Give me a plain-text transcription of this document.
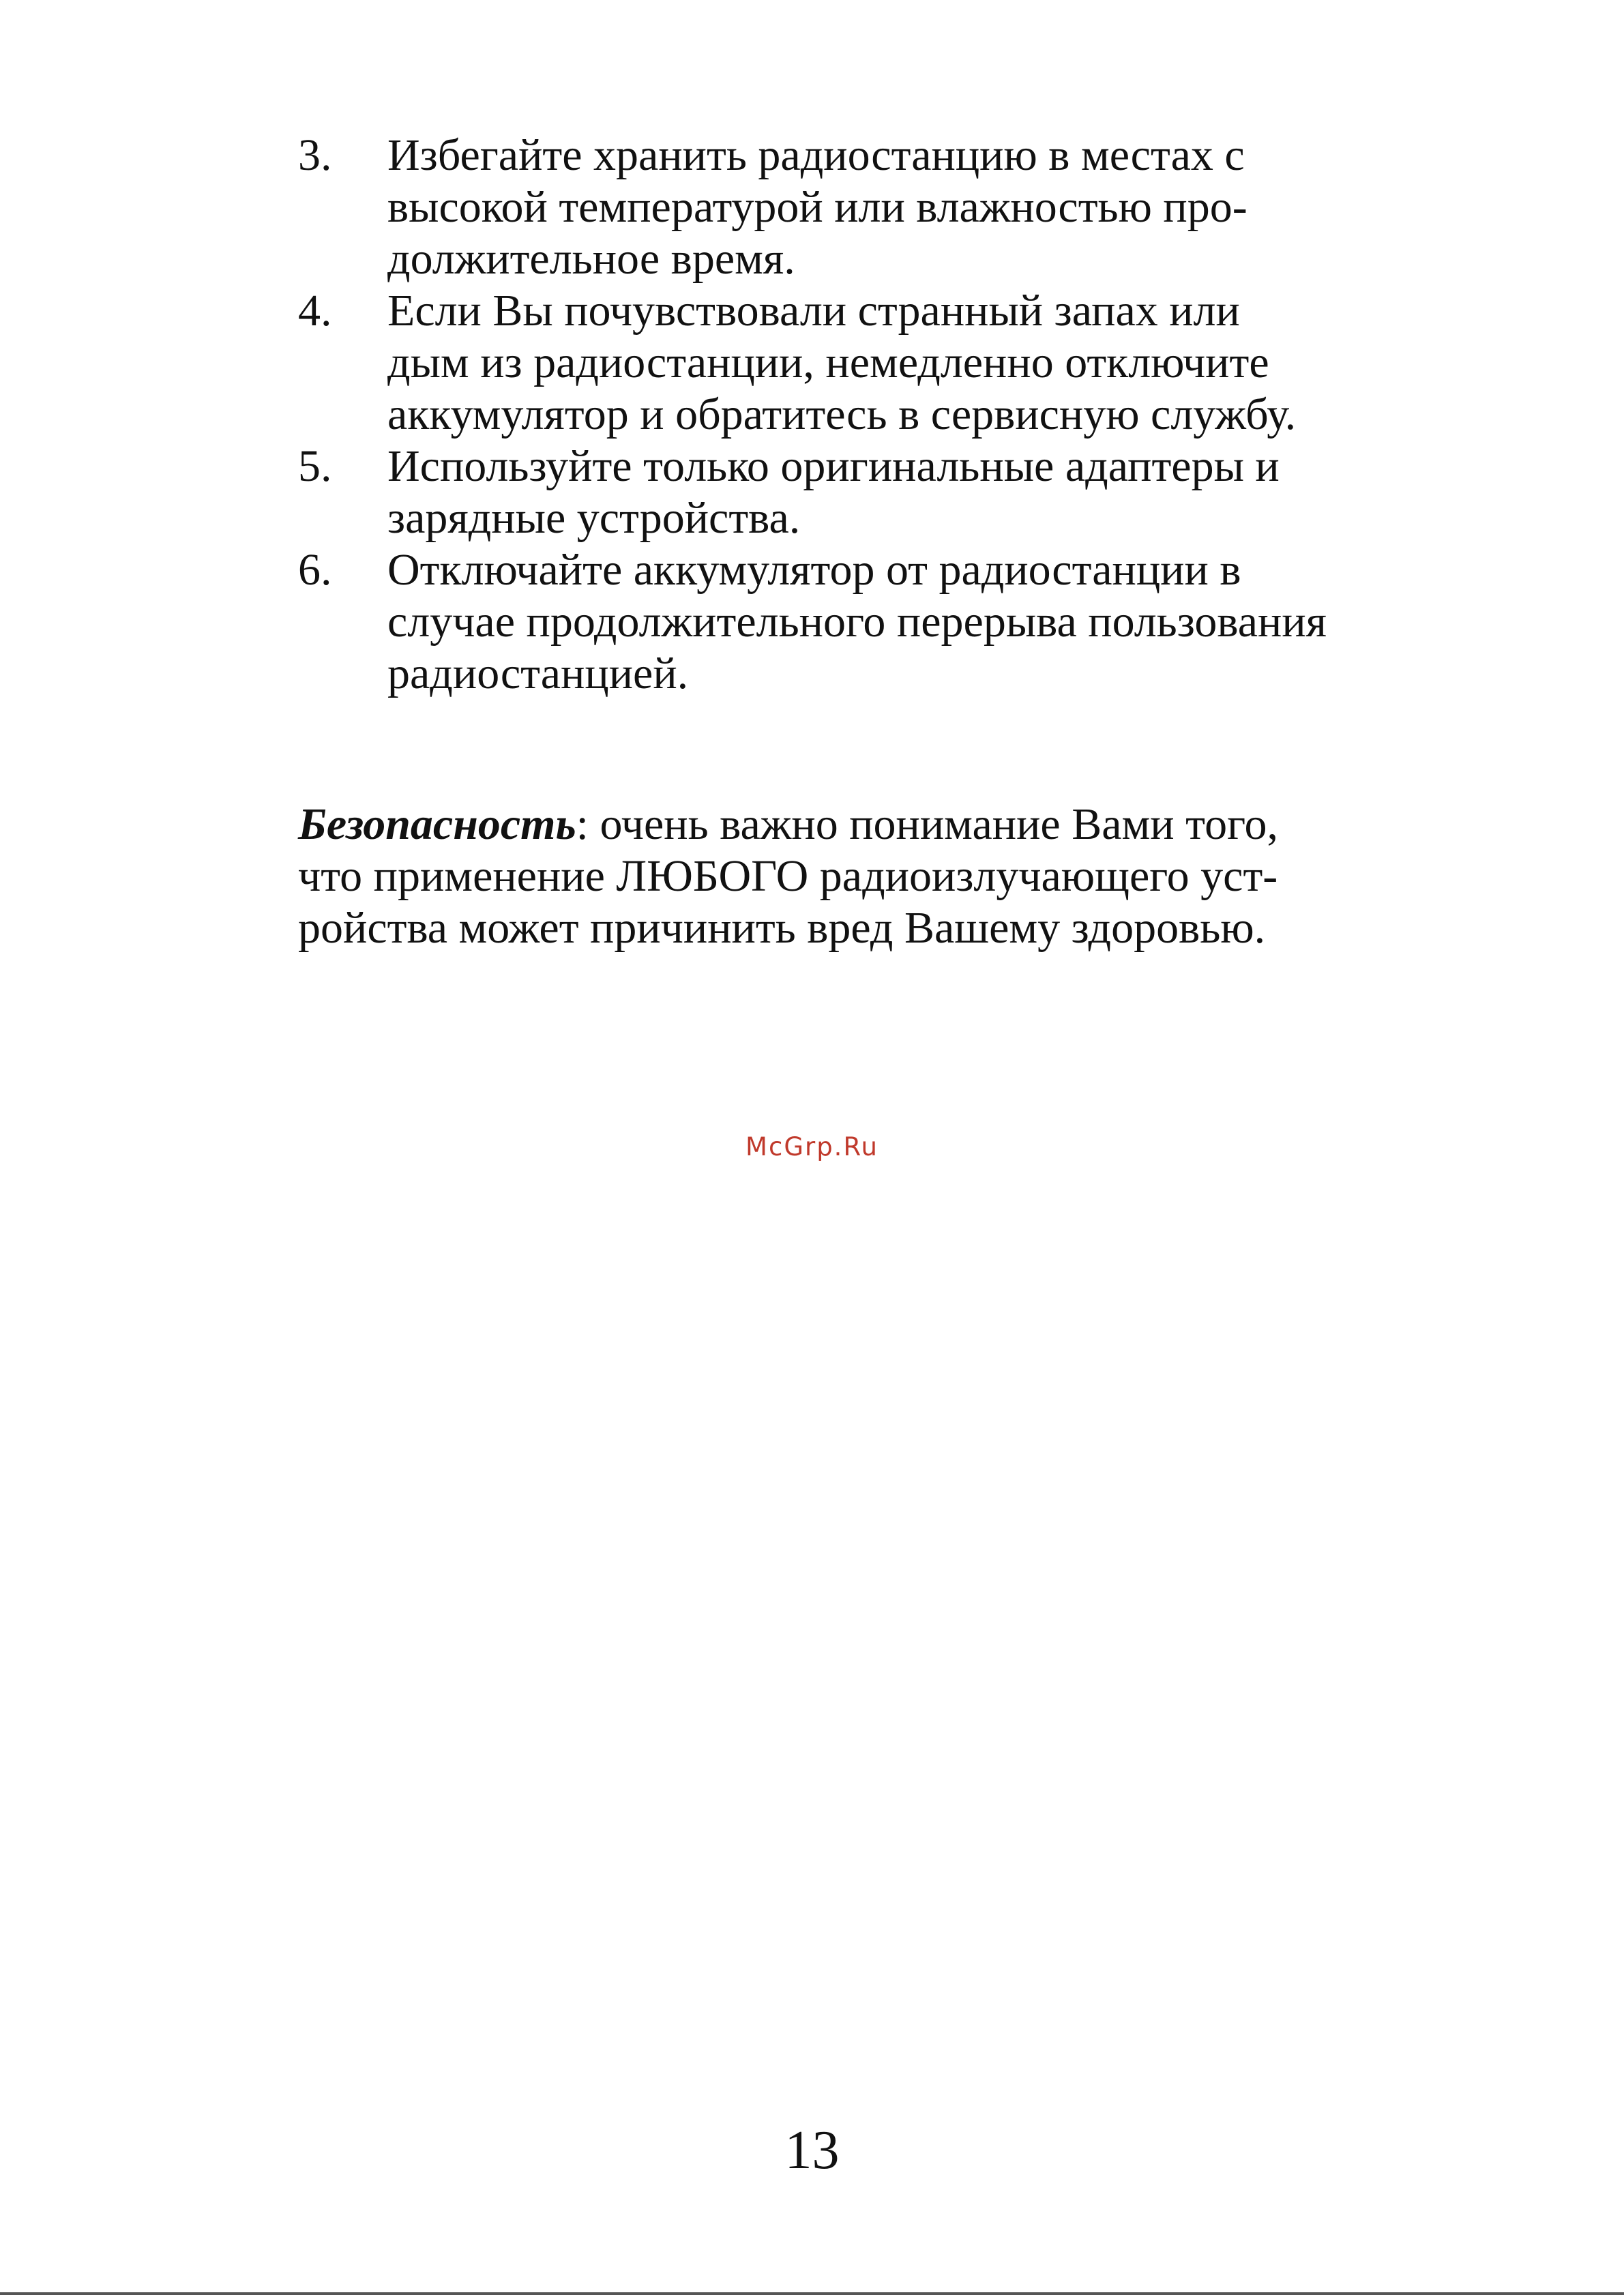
3.	Избегайте хранить радиостанцию в местах с
высокой температурой или влажностью про-
должительное время.
4.	Если Вы почувствовали странный запах или
дым из радиостанции, немедленно отключите
аккумулятор и обратитесь в сервисную службу.
5.	Используйте только оригинальные адаптеры и
зарядные устройства.
6.	Отключайте аккумулятор от радиостанции в
случае продолжительного перерыва пользования
радиостанцией.

Безопасность: очень важно понимание Вами того,
что применение ЛЮБОГО радиоизлучающего уст-
ройства может причинить вред Вашему здоровью.

McGrp.Ru
13
